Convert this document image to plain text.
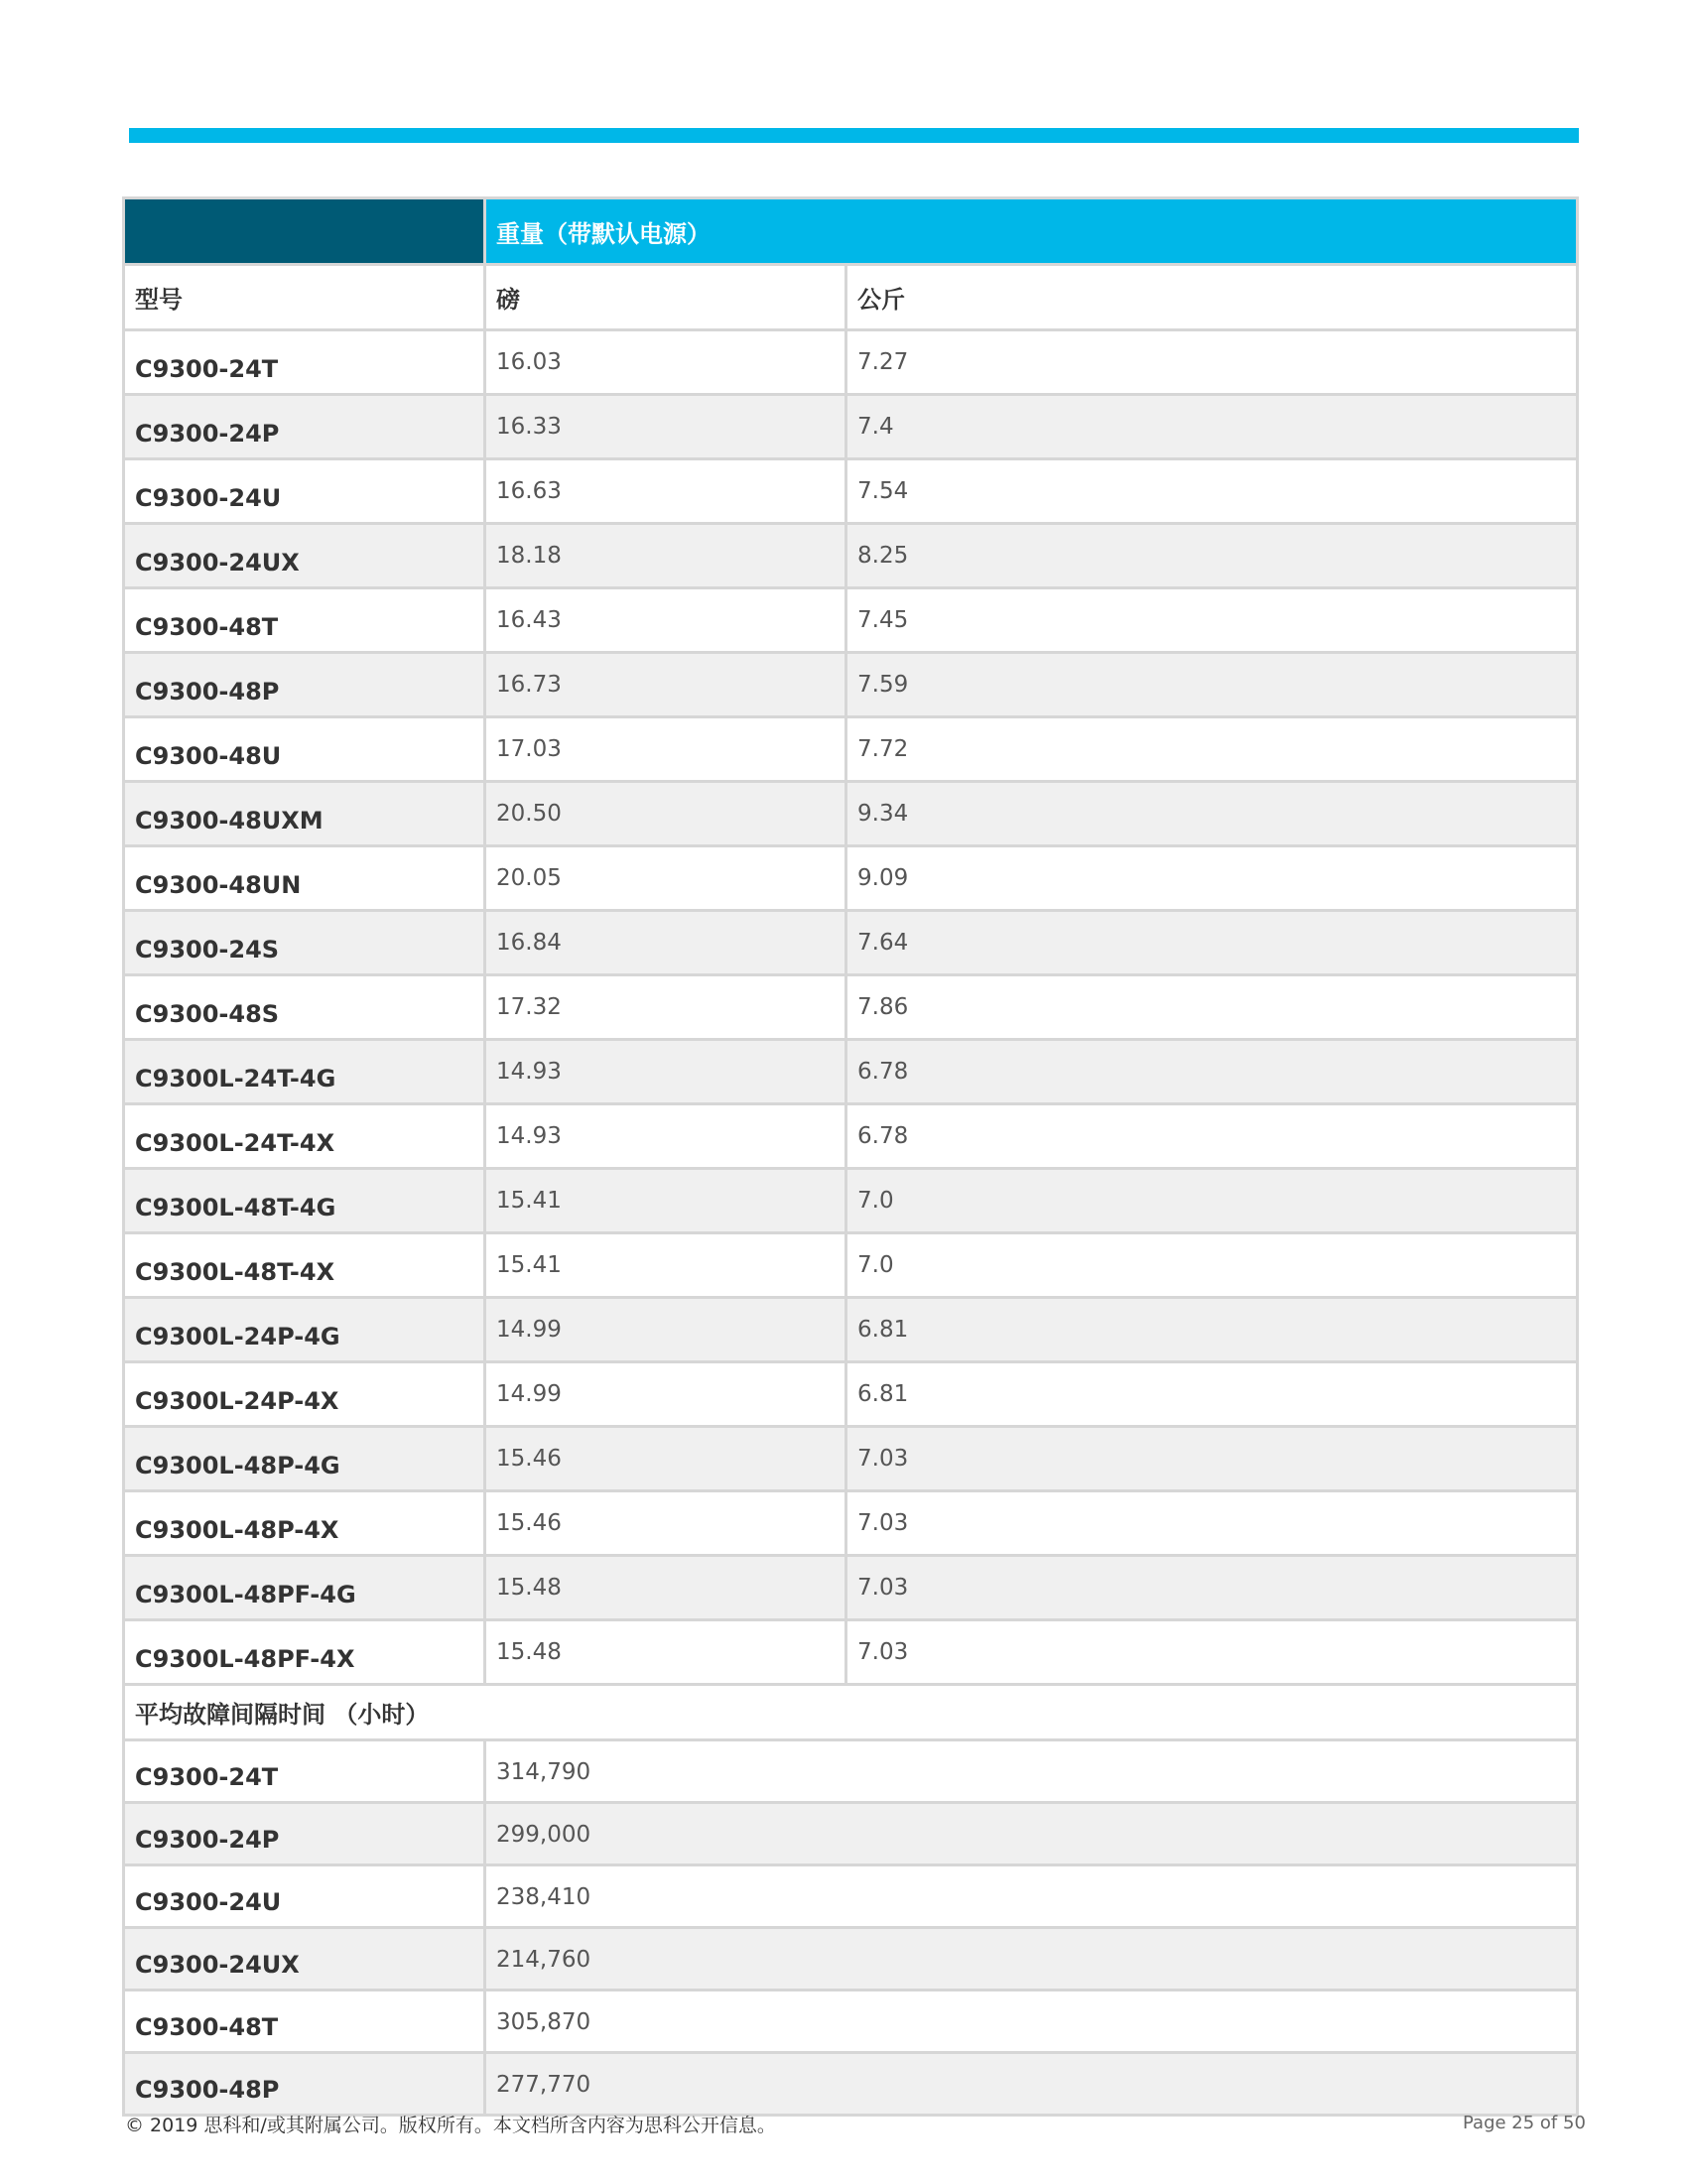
	重量（带默认电源）	
型号	磅	公斤
C9300-24T	16.03	7.27
C9300-24P	16.33	7.4
C9300-24U	16.63	7.54
C9300-24UX	18.18	8.25
C9300-48T	16.43	7.45
C9300-48P	16.73	7.59
C9300-48U	17.03	7.72
C9300-48UXM	20.50	9.34
C9300-48UN	20.05	9.09
C9300-24S	16.84	7.64
C9300-48S	17.32	7.86
C9300L-24T-4G	14.93	6.78
C9300L-24T-4X	14.93	6.78
C9300L-48T-4G	15.41	7.0
C9300L-48T-4X	15.41	7.0
C9300L-24P-4G	14.99	6.81
C9300L-24P-4X	14.99	6.81
C9300L-48P-4G	15.46	7.03
C9300L-48P-4X	15.46	7.03
C9300L-48PF-4G	15.48	7.03
C9300L-48PF-4X	15.48	7.03
平均故障间隔时间 （小时）		
C9300-24T	314,790	
C9300-24P	299,000	
C9300-24U	238,410	
C9300-24UX	214,760	
C9300-48T	305,870	
C9300-48P	277,770	
© 2019 思科和/或其附属公司。版权所有。本文档所含内容为思科公开信息。	Page 25 of 50
